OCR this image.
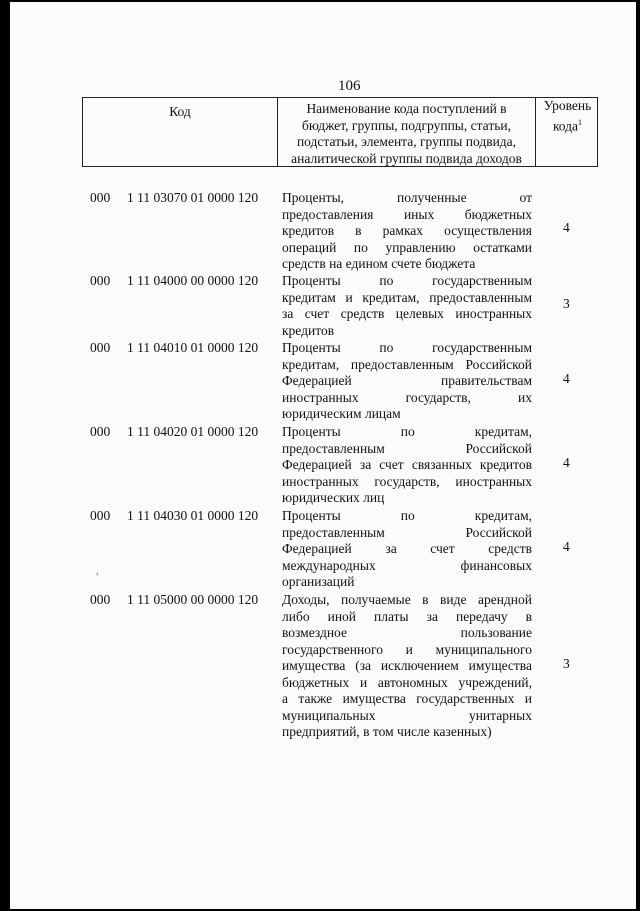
106
Код	Наименование кода поступлений в
бюджет, группы, подгруппы, статьи,
подстатьи, элемента, группы подвида,
аналитической группы подвида доходов
Уровень
кода$^1$
000 1 11 03070 01 0000 120 Проценты, полученные от
предоставления иных бюджетных
кредитов в рамках осуществления
операций по управлению остатками
средств на едином счете бюджета
4
000 1 11 04000 00 0000 120 Проценты по государственным
кредитам и кредитам, предоставленным
за счет средств целевых иностранных
кредитов
3
000 1 11 04010 01 0000 120 Проценты по государственным
кредитам, предоставленным Российской
Федерацией правительствам
иностранных государств, их
юридическим лицам
4
000 1 11 04020 01 0000 120 Проценты по кредитам,
предоставленным Российской
Федерацией за счет связанных кредитов
иностранных государств, иностранных
юридических лиц
4
000 1 11 04030 01 0000 120 Проценты по кредитам,
предоставленным Российской
Федерацией за счет средств
международных финансовых
организаций
4
000 1 11 05000 00 0000 120 Доходы, получаемые в виде арендной
либо иной платы за передачу в
возмездное пользование
государственного и муниципального
имущества (за исключением имущества
бюджетных и автономных учреждений,
а также имущества государственных и
муниципальных унитарных
предприятий, в том числе казенных)
3
,
